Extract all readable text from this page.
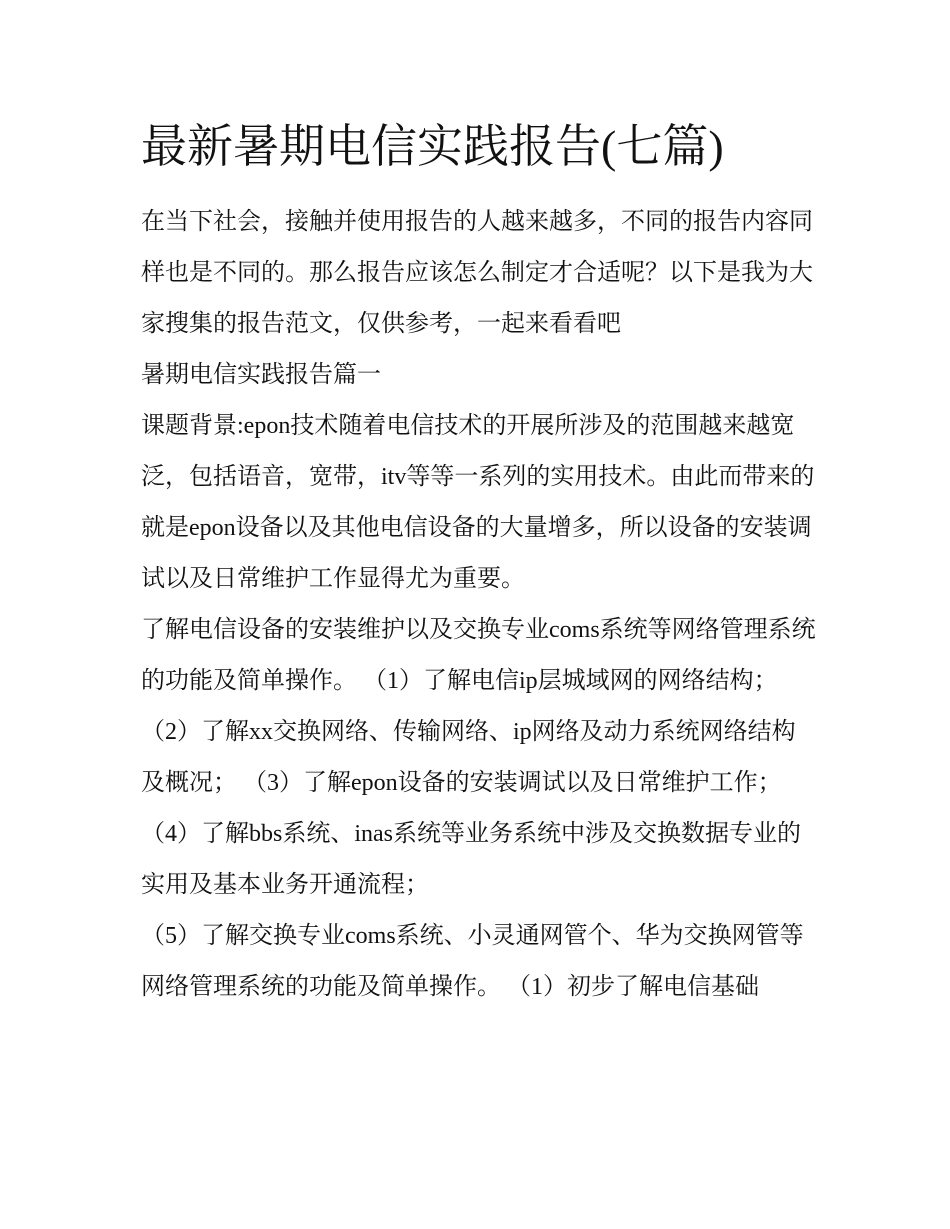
最新暑期电信实践报告(七篇)

在当下社会，接触并使用报告的人越来越多，不同的报告内容同样也是不同的。那么报告应该怎么制定才合适呢？以下是我为大家搜集的报告范文，仅供参考，一起来看看吧

暑期电信实践报告篇一

课题背景:epon技术随着电信技术的开展所涉及的范围越来越宽泛，包括语音，宽带，itv等等一系列的实用技术。由此而带来的就是epon设备以及其他电信设备的大量增多，所以设备的安装调试以及日常维护工作显得尤为重要。

了解电信设备的安装维护以及交换专业coms系统等网络管理系统的功能及简单操作。 （1）了解电信ip层城域网的网络结构；

（2）了解xx交换网络、传输网络、ip网络及动力系统网络结构及概况； （3）了解epon设备的安装调试以及日常维护工作；

（4）了解bbs系统、inas系统等业务系统中涉及交换数据专业的实用及基本业务开通流程；

（5）了解交换专业coms系统、小灵通网管个、华为交换网管等网络管理系统的功能及简单操作。 （1）初步了解电信基础
